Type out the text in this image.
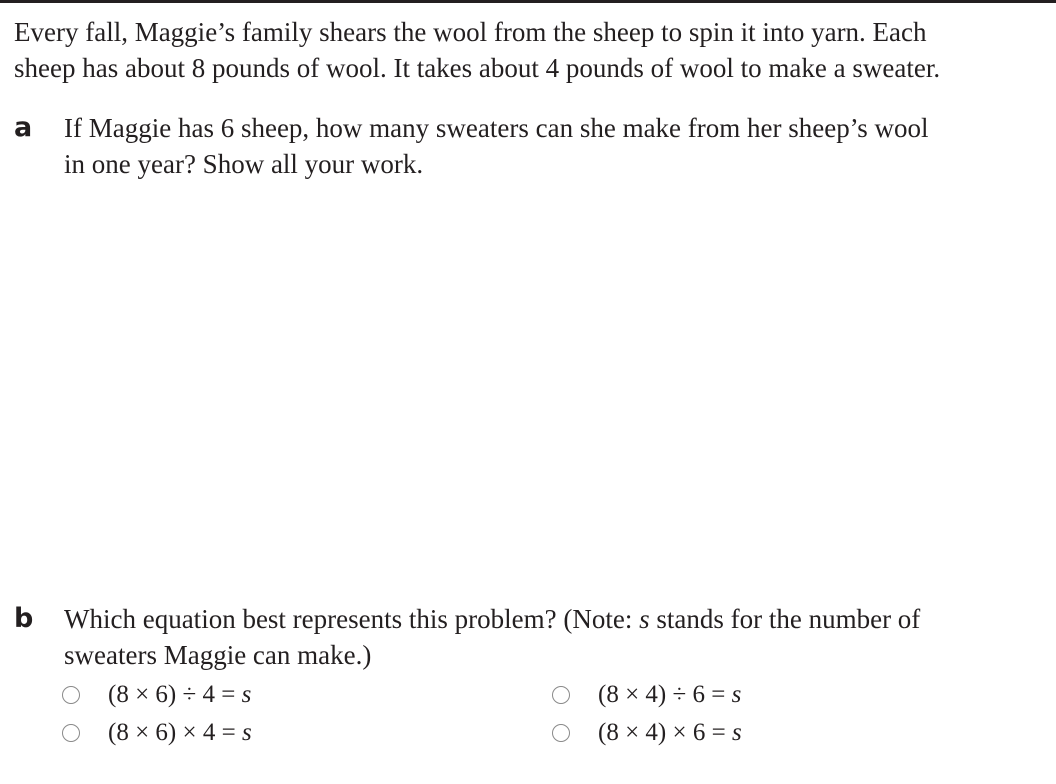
Every fall, Maggie’s family shears the wool from the sheep to spin it into yarn. Each

sheep has about 8 pounds of wool. It takes about 4 pounds of wool to make a sweater.

a If Maggie has 6 sheep, how many sweaters can she make from her sheep’s wool

in one year? Show all your work.

b Which equation best represents this problem? (Note: s stands for the number of

sweaters Maggie can make.)

(8 × 6) ÷ 4 = s	(8 × 4) ÷ 6 = s
(8 × 6) × 4 = s	(8 × 4) × 6 = s
